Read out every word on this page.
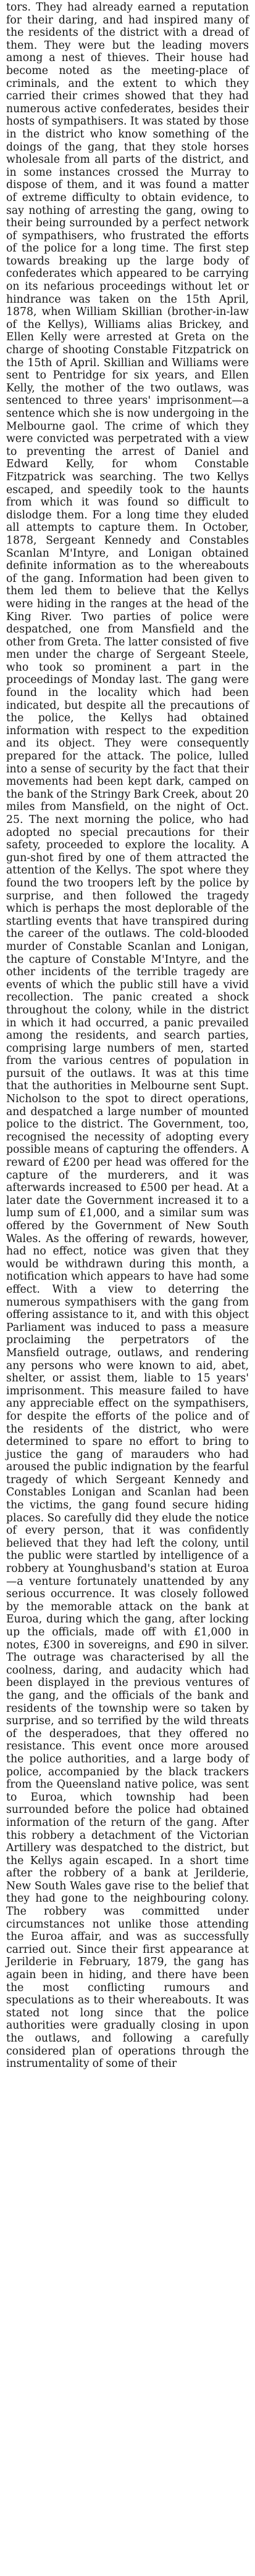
tors. They had already earned a reputation for their daring, and had inspired many of the residents of the district with a dread of them. They were but the leading movers among a nest of thieves. Their house had become noted as the meeting-place of criminals, and the extent to which they carried their crimes showed that they had numerous active confederates, besides their hosts of sympathisers. It was stated by those in the district who know something of the doings of the gang, that they stole horses wholesale from all parts of the district, and in some instances crossed the Murray to dispose of them, and it was found a matter of extreme difficulty to obtain evidence, to say nothing of arresting the gang, owing to their being surrounded by a perfect network of sympathisers, who frustrated the efforts of the police for a long time. The first step towards breaking up the large body of confederates which appeared to be carrying on its nefarious proceedings without let or hindrance was taken on the 15th April, 1878, when William Skillian (brother-in-law of the Kellys), Williams alias Brickey, and Ellen Kelly were arrested at Greta on the charge of shooting Constable Fitzpatrick on the 15th of April. Skillian and Williams were sent to Pentridge for six years, and Ellen Kelly, the mother of the two outlaws, was sentenced to three years' imprisonment—a sentence which she is now undergoing in the Melbourne gaol. The crime of which they were convicted was perpetrated with a view to preventing the arrest of Daniel and Edward Kelly, for whom Constable Fitzpatrick was searching. The two Kellys escaped, and speedily took to the haunts from which it was found so difficult to dislodge them. For a long time they eluded all attempts to capture them. In October, 1878, Sergeant Kennedy and Constables Scanlan M'Intyre, and Lonigan obtained definite information as to the whereabouts of the gang. Information had been given to them led them to believe that the Kellys were hiding in the ranges at the head of the King River. Two parties of police were despatched, one from Mansfield and the other from Greta. The latter consisted of five men under the charge of Sergeant Steele, who took so prominent a part in the proceedings of Monday last. The gang were found in the locality which had been indicated, but despite all the precautions of the police, the Kellys had obtained information with respect to the expedition and its object. They were consequently prepared for the attack. The police, lulled into a sense of security by the fact that their movements had been kept dark, camped on the bank of the Stringy Bark Creek, about 20 miles from Mansfield, on the night of Oct. 25. The next morning the police, who had adopted no special precautions for their safety, proceeded to explore the locality. A gun-shot fired by one of them attracted the attention of the Kellys. The spot where they found the two troopers left by the police by surprise, and then followed the tragedy which is perhaps the most deplorable of the startling events that have transpired during the career of the outlaws. The cold-blooded murder of Constable Scanlan and Lonigan, the capture of Constable M'Intyre, and the other incidents of the terrible tragedy are events of which the public still have a vivid recollection. The panic created a shock throughout the colony, while in the district in which it had occurred, a panic prevailed among the residents, and search parties, comprising large numbers of men, started from the various centres of population in pursuit of the outlaws. It was at this time that the authorities in Melbourne sent Supt. Nicholson to the spot to direct operations, and despatched a large number of mounted police to the district. The Government, too, recognised the necessity of adopting every possible means of capturing the offenders. A reward of £200 per head was offered for the capture of the murderers, and it was afterwards increased to £500 per head. At a later date the Government increased it to a lump sum of £1,000, and a similar sum was offered by the Government of New South Wales. As the offering of rewards, however, had no effect, notice was given that they would be withdrawn during this month, a notification which appears to have had some effect. With a view to deterring the numerous sympathisers with the gang from offering assistance to it, and with this object Parliament was induced to pass a measure proclaiming the perpetrators of the Mansfield outrage, outlaws, and rendering any persons who were known to aid, abet, shelter, or assist them, liable to 15 years' imprisonment. This measure failed to have any appreciable effect on the sympathisers, for despite the efforts of the police and of the residents of the district, who were determined to spare no effort to bring to justice the gang of marauders who had aroused the public indignation by the fearful tragedy of which Sergeant Kennedy and Constables Lonigan and Scanlan had been the victims, the gang found secure hiding places. So carefully did they elude the notice of every person, that it was confidently believed that they had left the colony, until the public were startled by intelligence of a robbery at Younghusband's station at Euroa—a venture fortunately unattended by any serious occurrence. It was closely followed by the memorable attack on the bank at Euroa, during which the gang, after locking up the officials, made off with £1,000 in notes, £300 in sovereigns, and £90 in silver. The outrage was characterised by all the coolness, daring, and audacity which had been displayed in the previous ventures of the gang, and the officials of the bank and residents of the township were so taken by surprise, and so terrified by the wild threats of the desperadoes, that they offered no resistance. This event once more aroused the police authorities, and a large body of police, accompanied by the black trackers from the Queensland native police, was sent to Euroa, which township had been surrounded before the police had obtained information of the return of the gang. After this robbery a detachment of the Victorian Artillery was despatched to the district, but the Kellys again escaped. In a short time after the robbery of a bank at Jerilderie, New South Wales gave rise to the belief that they had gone to the neighbouring colony. The robbery was committed under circumstances not unlike those attending the Euroa affair, and was as successfully carried out. Since their first appearance at Jerilderie in February, 1879, the gang has again been in hiding, and there have been the most conflicting rumours and speculations as to their whereabouts. It was stated not long since that the police authorities were gradually closing in upon the outlaws, and following a carefully considered plan of operations through the instrumentality of some of their
